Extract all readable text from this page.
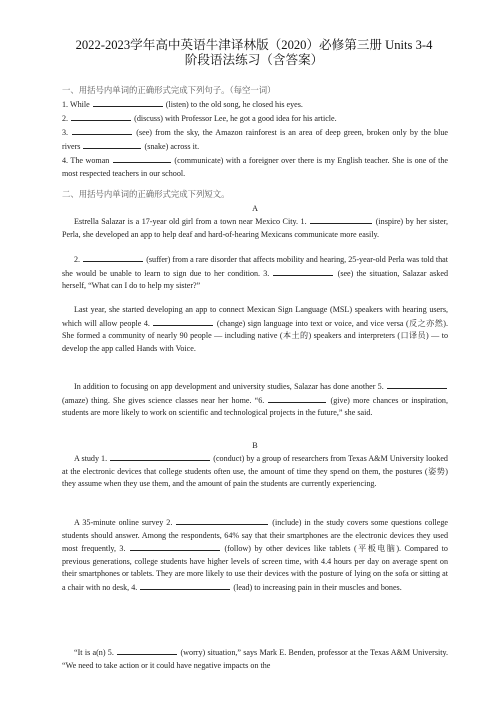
2022-2023学年高中英语牛津译林版（2020）必修第三册 Units 3-4
阶段语法练习（含答案）
一、用括号内单词的正确形式完成下列句子。（每空一词）
1. While	(listen) to the old song, he closed his eyes.
2.	(discuss) with Professor Lee, he got a good idea for his article.
3.	(see) from the sky, the Amazon rainforest is an area of deep green, broken only by the blue rivers	(snake) across it.
4. The woman	(communicate) with a foreigner over there is my English teacher. She is one of the most respected teachers in our school.
二、用括号内单词的正确形式完成下列短文。
A
Estrella Salazar is a 17-year old girl from a town near Mexico City. 1.	(inspire) by her sister, Perla, she developed an app to help deaf and hard-of-hearing Mexicans communicate more easily.
2.	(suffer) from a rare disorder that affects mobility and hearing, 25-year-old Perla was told that she would be unable to learn to sign due to her condition. 3.	(see) the situation, Salazar asked herself, “What can I do to help my sister?”
Last year, she started developing an app to connect Mexican Sign Language (MSL) speakers with hearing users, which will allow people 4.	(change) sign language into text or voice, and vice versa (反之亦然). She formed a community of nearly 90 people — including native (本土的) speakers and interpreters (口译员) — to develop the app called Hands with Voice.
In addition to focusing on app development and university studies, Salazar has done another 5.  (amaze) thing. She gives science classes near her home. “6.	(give) more chances or inspiration, students are more likely to work on scientific and technological projects in the future,” she said.
B
A study 1.	(conduct) by a group of researchers from Texas A&M University looked at the electronic devices that college students often use, the amount of time they spend on them, the postures (姿势) they assume when they use them, and the amount of pain the students are currently experiencing.
A 35-minute online survey 2.	(include) in the study covers some questions college students should answer. Among the respondents, 64% say that their smartphones are the electronic devices they used most frequently, 3.	(follow) by other devices like tablets (平板电脑). Compared to previous generations, college students have higher levels of screen time, with 4.4 hours per day on average spent on their smartphones or tablets. They are more likely to use their devices with the posture of lying on the sofa or sitting at a chair with no desk, 4.	(lead) to increasing pain in their muscles and bones.
“It is a(n) 5.	(worry) situation,” says Mark E. Benden, professor at the Texas A&M University. “We need to take action or it could have negative impacts on the
